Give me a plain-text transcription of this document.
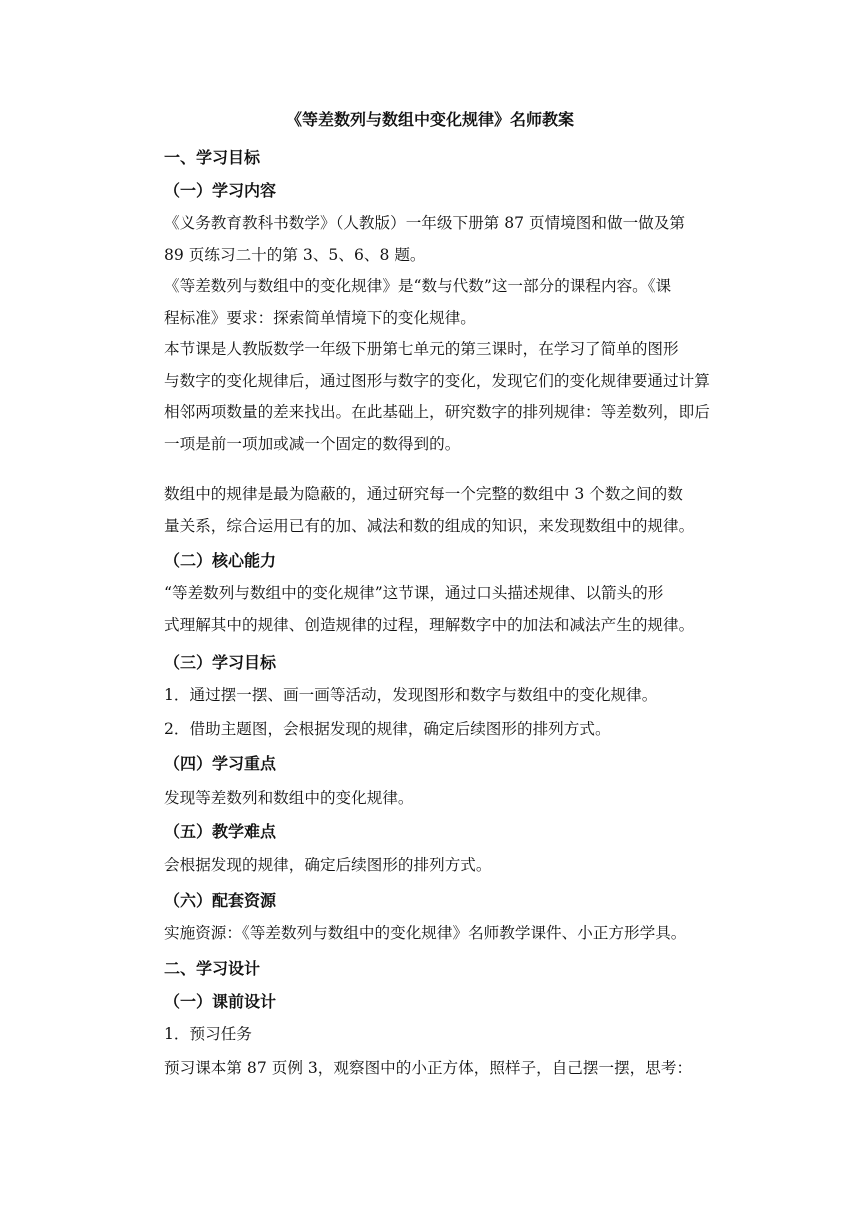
《等差数列与数组中变化规律》名师教案
一、学习目标
（一）学习内容
《义务教育教科书数学》（人教版）一年级下册第 87 页情境图和做一做及第
89 页练习二十的第 3、5、6、8 题。
《等差数列与数组中的变化规律》是“数与代数”这一部分的课程内容。《课
程标准》要求：探索简单情境下的变化规律。
本节课是人教版数学一年级下册第七单元的第三课时，在学习了简单的图形
与数字的变化规律后，通过图形与数字的变化，发现它们的变化规律要通过计算
相邻两项数量的差来找出。在此基础上，研究数字的排列规律：等差数列，即后
一项是前一项加或减一个固定的数得到的。
数组中的规律是最为隐蔽的，通过研究每一个完整的数组中 3 个数之间的数
量关系，综合运用已有的加、减法和数的组成的知识，来发现数组中的规律。
（二）核心能力
“等差数列与数组中的变化规律”这节课，通过口头描述规律、以箭头的形
式理解其中的规律、创造规律的过程，理解数字中的加法和减法产生的规律。
（三）学习目标
1．通过摆一摆、画一画等活动，发现图形和数字与数组中的变化规律。
2．借助主题图，会根据发现的规律，确定后续图形的排列方式。
（四）学习重点
发现等差数列和数组中的变化规律。
（五）教学难点
会根据发现的规律，确定后续图形的排列方式。
（六）配套资源
实施资源：《等差数列与数组中的变化规律》名师教学课件、小正方形学具。
二、学习设计
（一）课前设计
1．预习任务
预习课本第 87 页例 3，观察图中的小正方体，照样子，自己摆一摆，思考：
